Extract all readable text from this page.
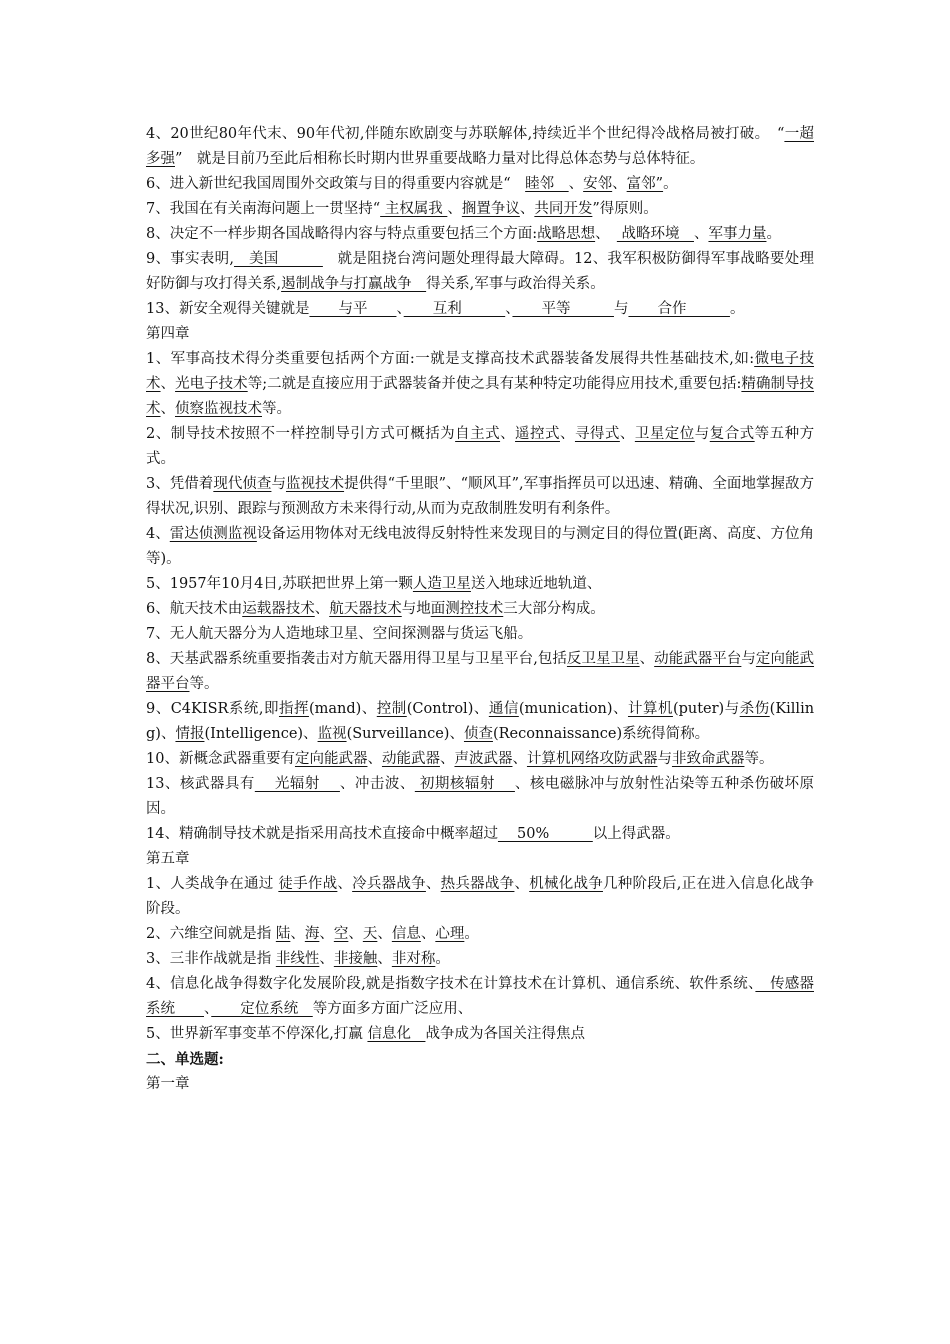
4、20世纪80年代末、90年代初,伴随东欧剧变与苏联解体,持续近半个世纪得冷战格局被打破。　“一超多强”　就是目前乃至此后相称长时期内世界重要战略力量对比得总体态势与总体特征。

6、进入新世纪我国周围外交政策与目的得重要内容就是“　睦邻　、安邻、富邻”。

7、我国在有关南海问题上一贯坚持“ 主权属我 、搁置争议、共同开发”得原则。

8、决定不一样步期各国战略得内容与特点重要包括三个方面:战略思想、　 战略环境　、军事力量。

9、事实表明,　美国　　　　就是阻挠台湾问题处理得最大障碍。12、我军积极防御得军事战略要处理好防御与攻打得关系,遏制战争与打赢战争　得关系,军事与政治得关系。

13、新安全观得关键就是　　与平　　、　　互利　　　、　　平等　　　与　　合作　　　。

第四章

1、军事高技术得分类重要包括两个方面:一就是支撑高技术武器装备发展得共性基础技术,如:微电子技术、光电子技术等;二就是直接应用于武器装备并使之具有某种特定功能得应用技术,重要包括:精确制导技术、侦察监视技术等。

2、制导技术按照不一样控制导引方式可概括为自主式、遥控式、寻得式、卫星定位与复合式等五种方式。

3、凭借着现代侦查与监视技术提供得“千里眼”、“顺风耳”,军事指挥员可以迅速、精确、全面地掌握敌方得状况,识别、跟踪与预测敌方未来得行动,从而为克敌制胜发明有利条件。

4、雷达侦测监视设备运用物体对无线电波得反射特性来发现目的与测定目的得位置(距离、高度、方位角等)。

5、1957年10月4日,苏联把世界上第一颗人造卫星送入地球近地轨道、

6、航天技术由运载器技术、航天器技术与地面测控技术三大部分构成。

7、无人航天器分为人造地球卫星、空间探测器与货运飞船。

8、天基武器系统重要指袭击对方航天器用得卫星与卫星平台,包括反卫星卫星、动能武器平台与定向能武器平台等。

9、C4KISR系统,即指挥(mand)、控制(Control)、通信(munication)、计算机(puter)与杀伤(Killing)、情报(Intelligence)、监视(Surveillance)、侦查(Reconnaissance)系统得简称。

10、新概念武器重要有定向能武器、动能武器、声波武器、计算机网络攻防武器与非致命武器等。

13、核武器具有　 光辐射　 、冲击波、 初期核辐射　 、核电磁脉冲与放射性沾染等五种杀伤破坏原因。

14、精确制导技术就是指采用高技术直接命中概率超过　 50%　　　以上得武器。

第五章

1、人类战争在通过 徒手作战、冷兵器战争、热兵器战争、机械化战争几种阶段后,正在进入信息化战争阶段。

2、六维空间就是指 陆、海、空、天、信息、心理。

3、三非作战就是指 非线性、非接触、非对称。

4、信息化战争得数字化发展阶段,就是指数字技术在计算技术在计算机、通信系统、软件系统、　传感器系统　　、　　定位系统　等方面多方面广泛应用、

5、世界新军事变革不停深化,打赢 信息化　战争成为各国关注得焦点

二、单选题:

第一章
